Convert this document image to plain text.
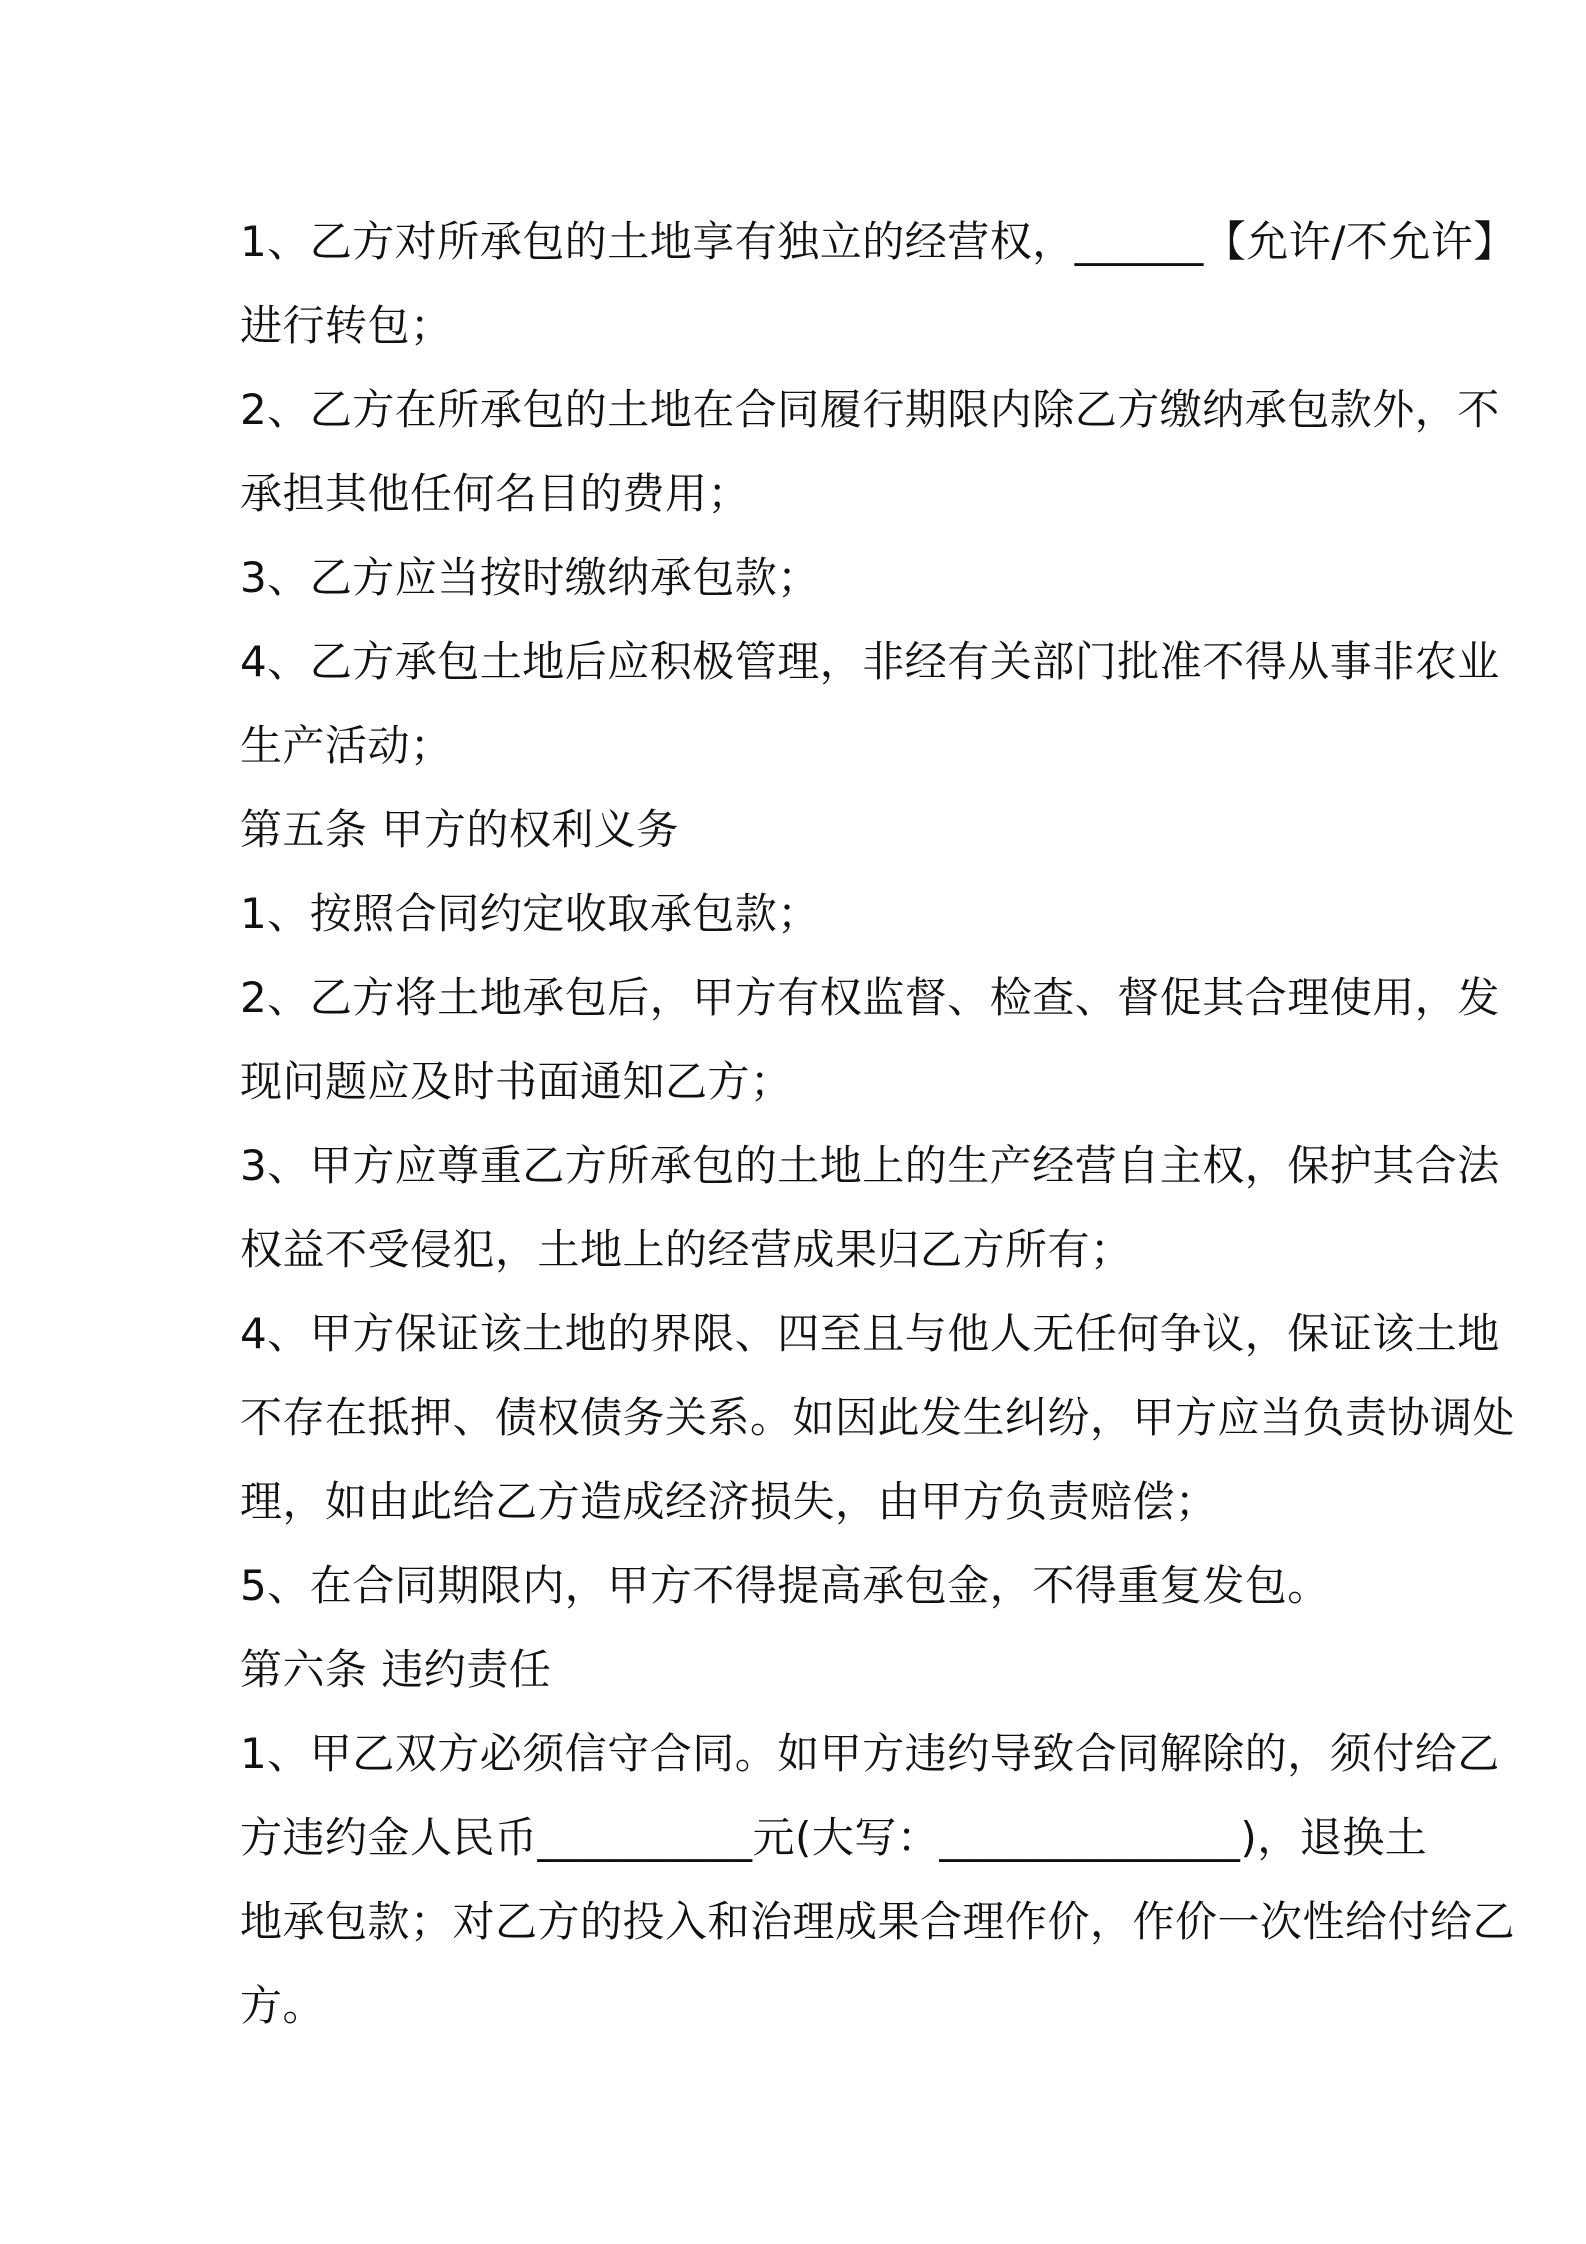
1、乙方对所承包的土地享有独立的经营权，______【允许/不允许】
进行转包；
2、乙方在所承包的土地在合同履行期限内除乙方缴纳承包款外，不
承担其他任何名目的费用；
3、乙方应当按时缴纳承包款；
4、乙方承包土地后应积极管理，非经有关部门批准不得从事非农业
生产活动；
第五条 甲方的权利义务
1、按照合同约定收取承包款；
2、乙方将土地承包后，甲方有权监督、检查、督促其合理使用，发
现问题应及时书面通知乙方；
3、甲方应尊重乙方所承包的土地上的生产经营自主权，保护其合法
权益不受侵犯，土地上的经营成果归乙方所有；
4、甲方保证该土地的界限、四至且与他人无任何争议，保证该土地
不存在抵押、债权债务关系。如因此发生纠纷，甲方应当负责协调处
理，如由此给乙方造成经济损失，由甲方负责赔偿；
5、在合同期限内，甲方不得提高承包金，不得重复发包。
第六条 违约责任
1、甲乙双方必须信守合同。如甲方违约导致合同解除的，须付给乙
方违约金人民币__________元(大写：______________)，退换土
地承包款；对乙方的投入和治理成果合理作价，作价一次性给付给乙
方。
